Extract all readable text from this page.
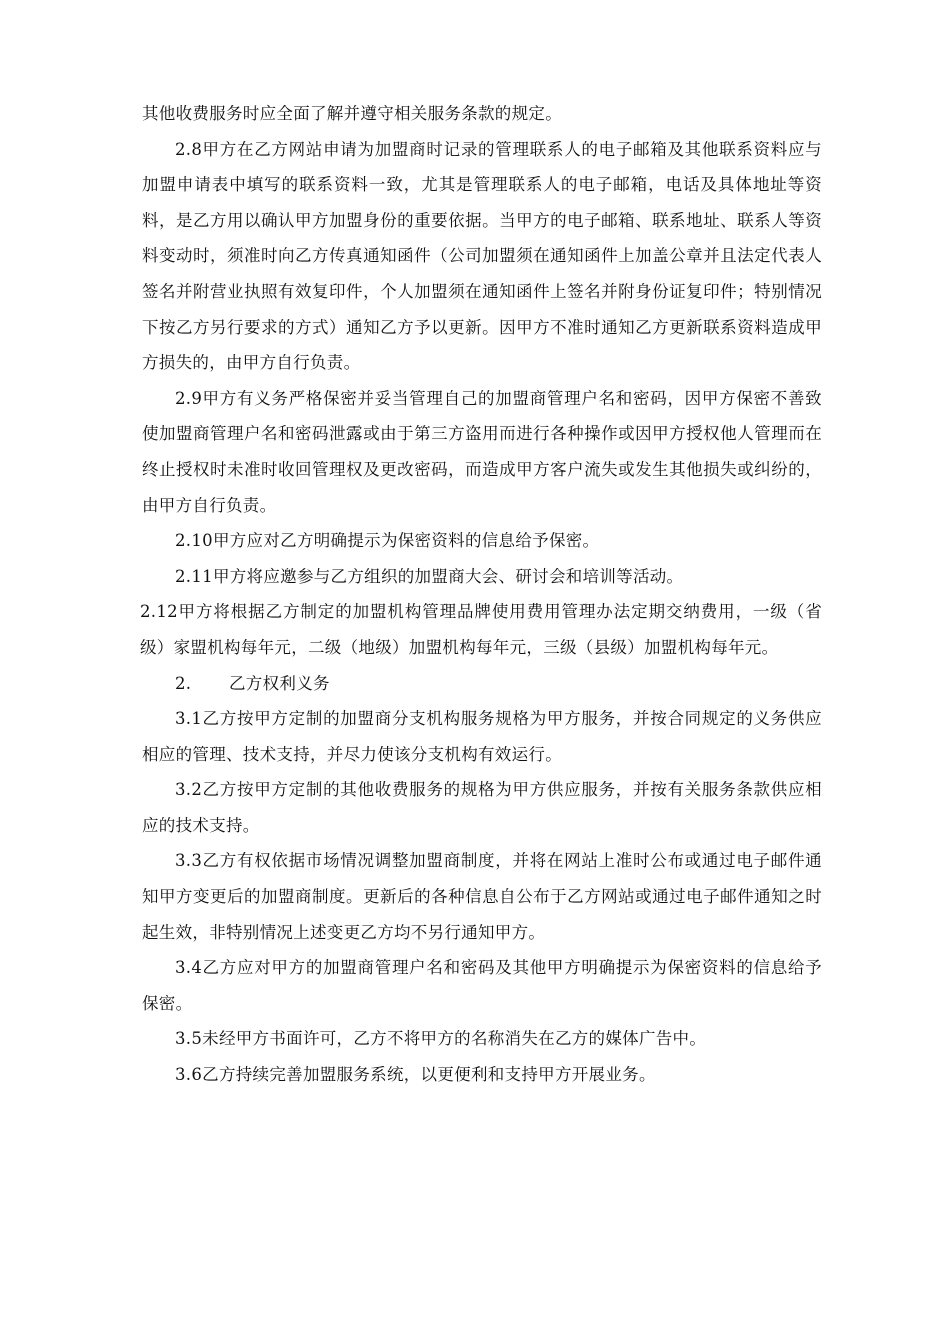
其他收费服务时应全面了解并遵守相关服务条款的规定。

2.8甲方在乙方网站申请为加盟商时记录的管理联系人的电子邮箱及其他联系资料应与加盟申请表中填写的联系资料一致，尤其是管理联系人的电子邮箱，电话及具体地址等资料，是乙方用以确认甲方加盟身份的重要依据。当甲方的电子邮箱、联系地址、联系人等资料变动时，须准时向乙方传真通知函件（公司加盟须在通知函件上加盖公章并且法定代表人签名并附营业执照有效复印件，个人加盟须在通知函件上签名并附身份证复印件；特别情况下按乙方另行要求的方式）通知乙方予以更新。因甲方不准时通知乙方更新联系资料造成甲方损失的，由甲方自行负责。

2.9甲方有义务严格保密并妥当管理自己的加盟商管理户名和密码，因甲方保密不善致使加盟商管理户名和密码泄露或由于第三方盗用而进行各种操作或因甲方授权他人管理而在终止授权时未准时收回管理权及更改密码，而造成甲方客户流失或发生其他损失或纠纷的，由甲方自行负责。

2.10甲方应对乙方明确提示为保密资料的信息给予保密。

2.11甲方将应邀参与乙方组织的加盟商大会、研讨会和培训等活动。

2.12甲方将根据乙方制定的加盟机构管理品牌使用费用管理办法定期交纳费用，一级（省级）家盟机构每年元，二级（地级）加盟机构每年元，三级（县级）加盟机构每年元。

2. 乙方权利义务

3.1乙方按甲方定制的加盟商分支机构服务规格为甲方服务，并按合同规定的义务供应相应的管理、技术支持，并尽力使该分支机构有效运行。

3.2乙方按甲方定制的其他收费服务的规格为甲方供应服务，并按有关服务条款供应相应的技术支持。

3.3乙方有权依据市场情况调整加盟商制度，并将在网站上准时公布或通过电子邮件通知甲方变更后的加盟商制度。更新后的各种信息自公布于乙方网站或通过电子邮件通知之时起生效，非特别情况上述变更乙方均不另行通知甲方。

3.4乙方应对甲方的加盟商管理户名和密码及其他甲方明确提示为保密资料的信息给予保密。

3.5未经甲方书面许可，乙方不将甲方的名称消失在乙方的媒体广告中。

3.6乙方持续完善加盟服务系统，以更便利和支持甲方开展业务。
